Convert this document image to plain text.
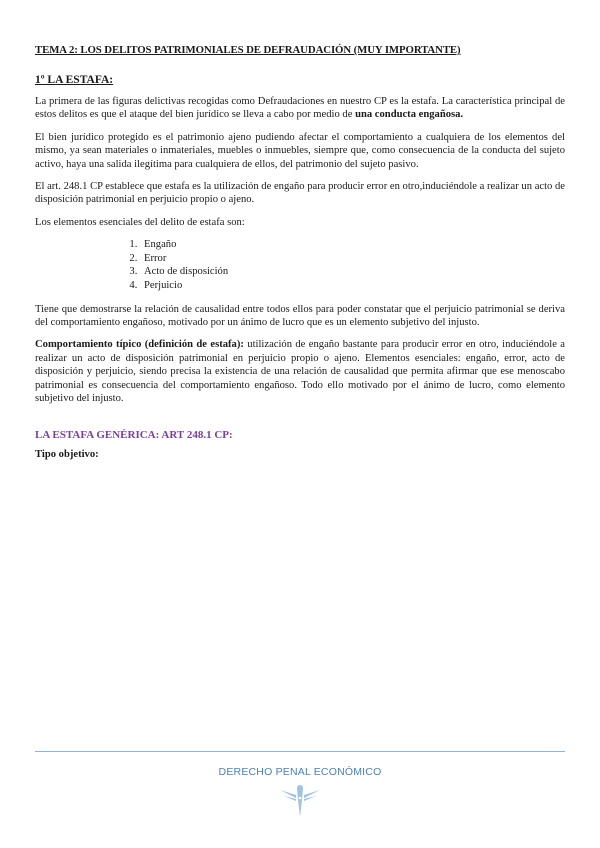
TEMA 2: LOS DELITOS PATRIMONIALES DE DEFRAUDACIÓN (MUY IMPORTANTE)
1º LA ESTAFA:

La primera de las figuras delictivas recogidas como Defraudaciones en nuestro CP es la estafa. La característica principal de estos delitos es que el ataque del bien jurídico se lleva a cabo por medio de una conducta engañosa.

El bien jurídico protegido es el patrimonio ajeno pudiendo afectar el comportamiento a cualquiera de los elementos del mismo, ya sean materiales o inmateriales, muebles o inmuebles, siempre que, como consecuencia de la conducta del sujeto activo, haya una salida ilegítima para cualquiera de ellos, del patrimonio del sujeto pasivo.

El art. 248.1 CP establece que estafa es la utilización de engaño para producir error en otro,induciéndole a realizar un acto de disposición patrimonial en perjuicio propio o ajeno.

Los elementos esenciales del delito de estafa son:

1. Engaño
2. Error
3. Acto de disposición
4. Perjuicio

Tiene que demostrarse la relación de causalidad entre todos ellos para poder constatar que el perjuicio patrimonial se deriva del comportamiento engañoso, motivado por un ánimo de lucro que es un elemento subjetivo del injusto.

Comportamiento típico (definición de estafa): utilización de engaño bastante para producir error en otro, induciéndole a realizar un acto de disposición patrimonial en perjuicio propio o ajeno. Elementos esenciales: engaño, error, acto de disposición y perjuicio, siendo precisa la existencia de una relación de causalidad que permita afirmar que ese menoscabo patrimonial es consecuencia del comportamiento engañoso. Todo ello motivado por el ánimo de lucro, como elemento subjetivo del injusto.

LA ESTAFA GENÉRICA: ART 248.1 CP:
Tipo objetivo:
DERECHO PENAL ECONÓMICO
